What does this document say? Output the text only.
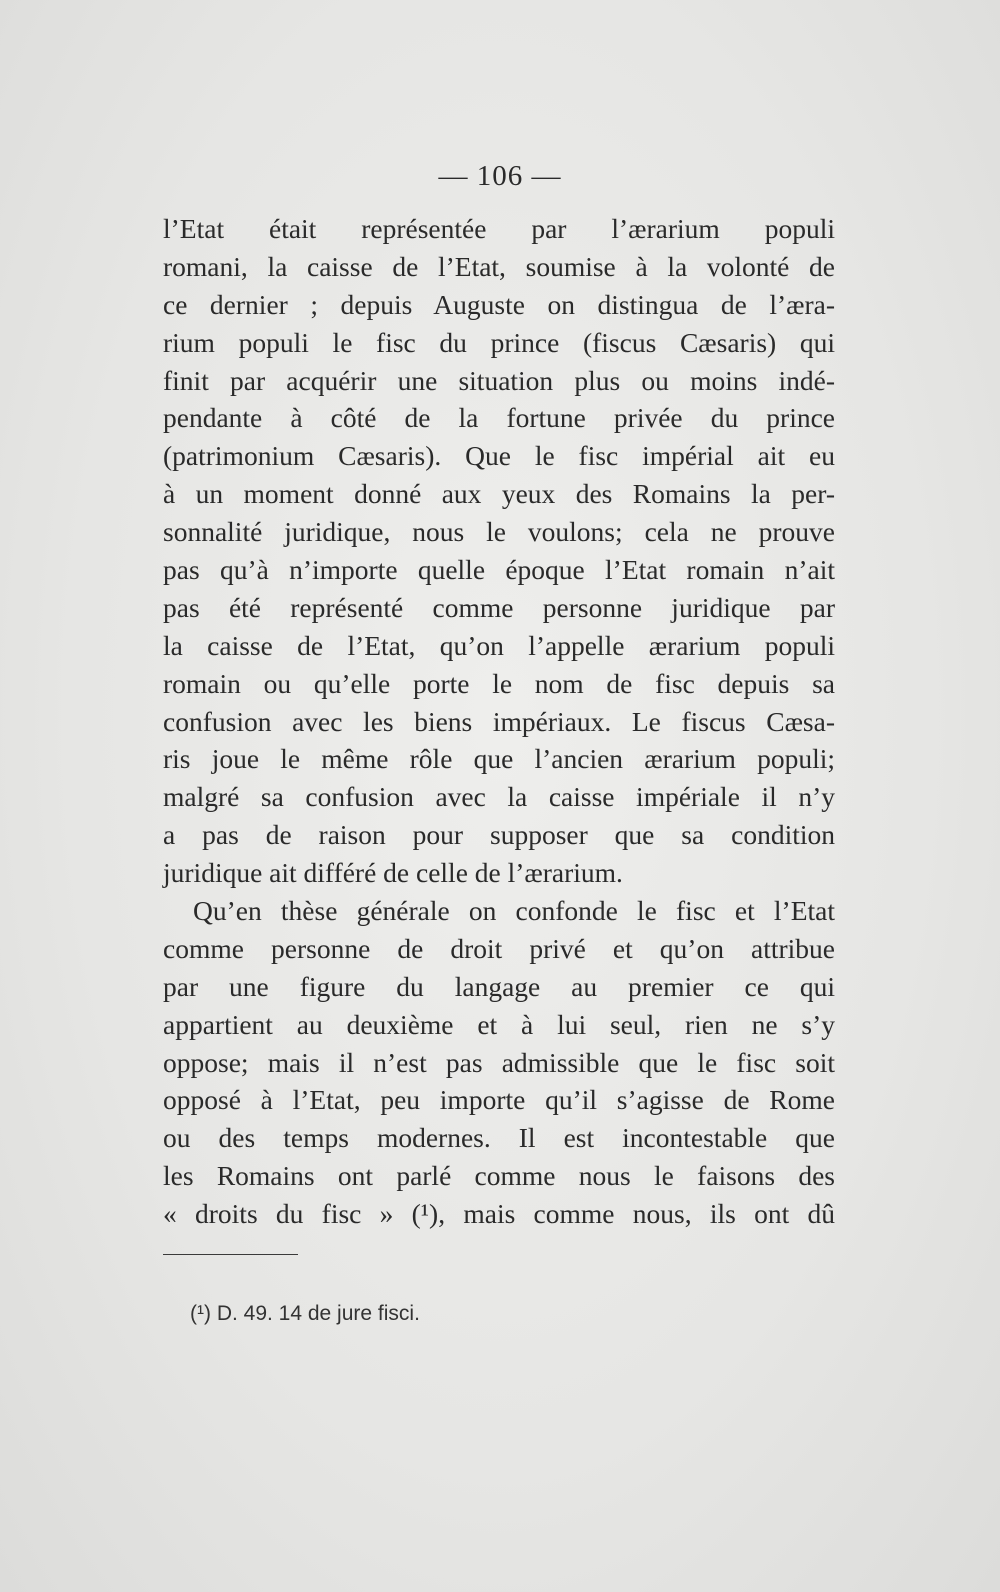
— 106 —
l’Etat était représentée par l’ærarium populi
romani, la caisse de l’Etat, soumise à la volonté de
ce dernier ; depuis Auguste on distingua de l’æra-
rium populi le fisc du prince (fiscus Cæsaris) qui
finit par acquérir une situation plus ou moins indé-
pendante à côté de la fortune privée du prince
(patrimonium Cæsaris). Que le fisc impérial ait eu
à un moment donné aux yeux des Romains la per-
sonnalité juridique, nous le voulons; cela ne prouve
pas qu’à n’importe quelle époque l’Etat romain n’ait
pas été représenté comme personne juridique par
la caisse de l’Etat, qu’on l’appelle ærarium populi
romain ou qu’elle porte le nom de fisc depuis sa
confusion avec les biens impériaux. Le fiscus Cæsa-
ris joue le même rôle que l’ancien ærarium populi;
malgré sa confusion avec la caisse impériale il n’y
a pas de raison pour supposer que sa condition
juridique ait différé de celle de l’ærarium.
Qu’en thèse générale on confonde le fisc et l’Etat
comme personne de droit privé et qu’on attribue
par une figure du langage au premier ce qui
appartient au deuxième et à lui seul, rien ne s’y
oppose; mais il n’est pas admissible que le fisc soit
opposé à l’Etat, peu importe qu’il s’agisse de Rome
ou des temps modernes. Il est incontestable que
les Romains ont parlé comme nous le faisons des
« droits du fisc » (¹), mais comme nous, ils ont dû
(¹) D. 49. 14 de jure fisci.
